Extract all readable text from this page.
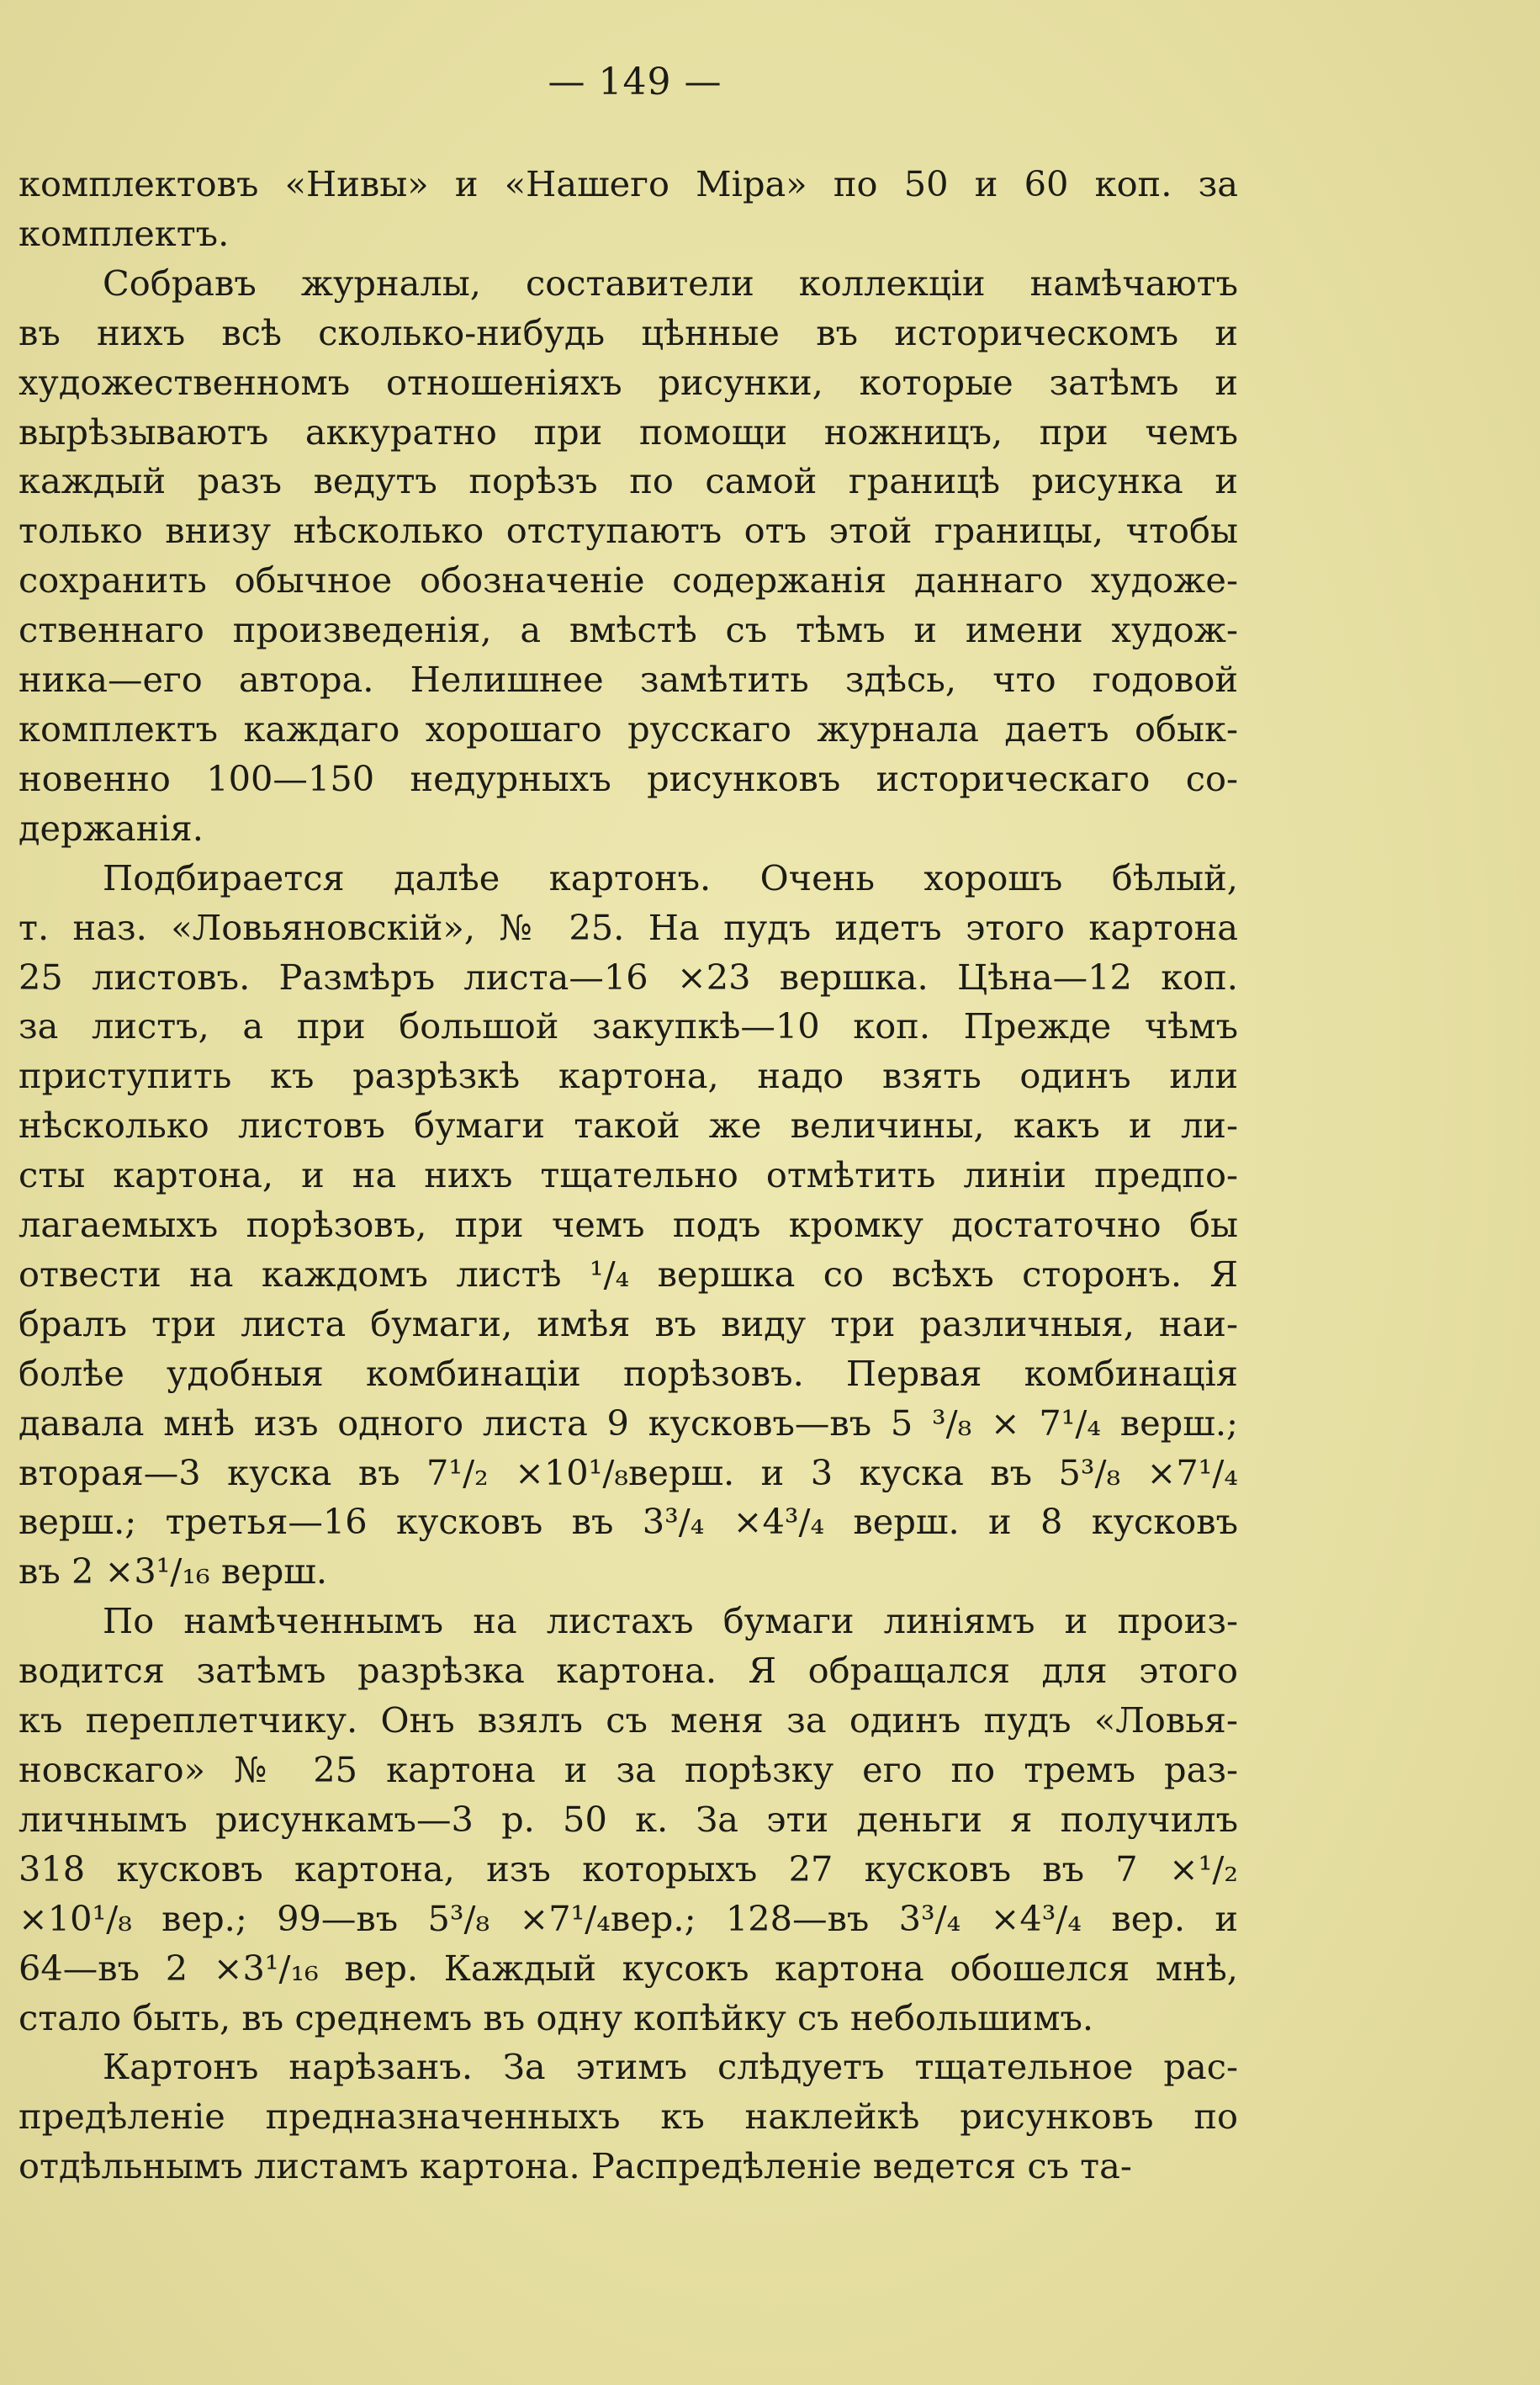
— 149 —

комплектовъ «Нивы» и «Нашего Міра» по 50 и 60 коп. за
комплектъ.

Собравъ журналы, составители коллекціи намѣчаютъ
въ нихъ всѣ сколько-нибудь цѣнные въ историческомъ и
художественномъ отношеніяхъ рисунки, которые затѣмъ и
вырѣзываютъ аккуратно при помощи ножницъ, при чемъ
каждый разъ ведутъ порѣзъ по самой границѣ рисунка и
только внизу нѣсколько отступаютъ отъ этой границы, чтобы
сохранить обычное обозначеніе содержанія даннаго художе-
ственнаго произведенія, а вмѣстѣ съ тѣмъ и имени худож-
ника—его автора. Нелишнее замѣтить здѣсь, что годовой
комплектъ каждаго хорошаго русскаго журнала даетъ обык-
новенно 100—150 недурныхъ рисунковъ историческаго со-
держанія.

Подбирается далѣе картонъ. Очень хорошъ бѣлый,
т. наз. «Ловьяновскій», № 25. На пудъ идетъ этого картона
25 листовъ. Размѣръ листа—16 ×23 вершка. Цѣна—12 коп.
за листъ, а при большой закупкѣ—10 коп. Прежде чѣмъ
приступить къ разрѣзкѣ картона, надо взять одинъ или
нѣсколько листовъ бумаги такой же величины, какъ и ли-
сты картона, и на нихъ тщательно отмѣтить линіи предпо-
лагаемыхъ порѣзовъ, при чемъ подъ кромку достаточно бы
отвести на каждомъ листѣ ¹/₄ вершка со всѣхъ сторонъ. Я
бралъ три листа бумаги, имѣя въ виду три различныя, наи-
болѣе удобныя комбинаціи порѣзовъ. Первая комбинація
давала мнѣ изъ одного листа 9 кусковъ—въ 5 ³/₈ × 7¹/₄ верш.;
вторая—3 куска въ 7¹/₂ ×10¹/₈верш. и 3 куска въ 5³/₈ ×7¹/₄
верш.; третья—16 кусковъ въ 3³/₄ ×4³/₄ верш. и 8 кусковъ
въ 2 ×3¹/₁₆ верш.

По намѣченнымъ на листахъ бумаги линіямъ и произ-
водится затѣмъ разрѣзка картона. Я обращался для этого
къ переплетчику. Онъ взялъ съ меня за одинъ пудъ «Ловья-
новскаго» № 25 картона и за порѣзку его по тремъ раз-
личнымъ рисункамъ—3 р. 50 к. За эти деньги я получилъ
318 кусковъ картона, изъ которыхъ 27 кусковъ въ 7 ×¹/₂
×10¹/₈ вер.; 99—въ 5³/₈ ×7¹/₄вер.; 128—въ 3³/₄ ×4³/₄ вер. и
64—въ 2 ×3¹/₁₆ вер. Каждый кусокъ картона обошелся мнѣ,
стало быть, въ среднемъ въ одну копѣйку съ небольшимъ.

Картонъ нарѣзанъ. За этимъ слѣдуетъ тщательное рас-
предѣленіе предназначенныхъ къ наклейкѣ рисунковъ по
отдѣльнымъ листамъ картона. Распредѣленіе ведется съ та-
